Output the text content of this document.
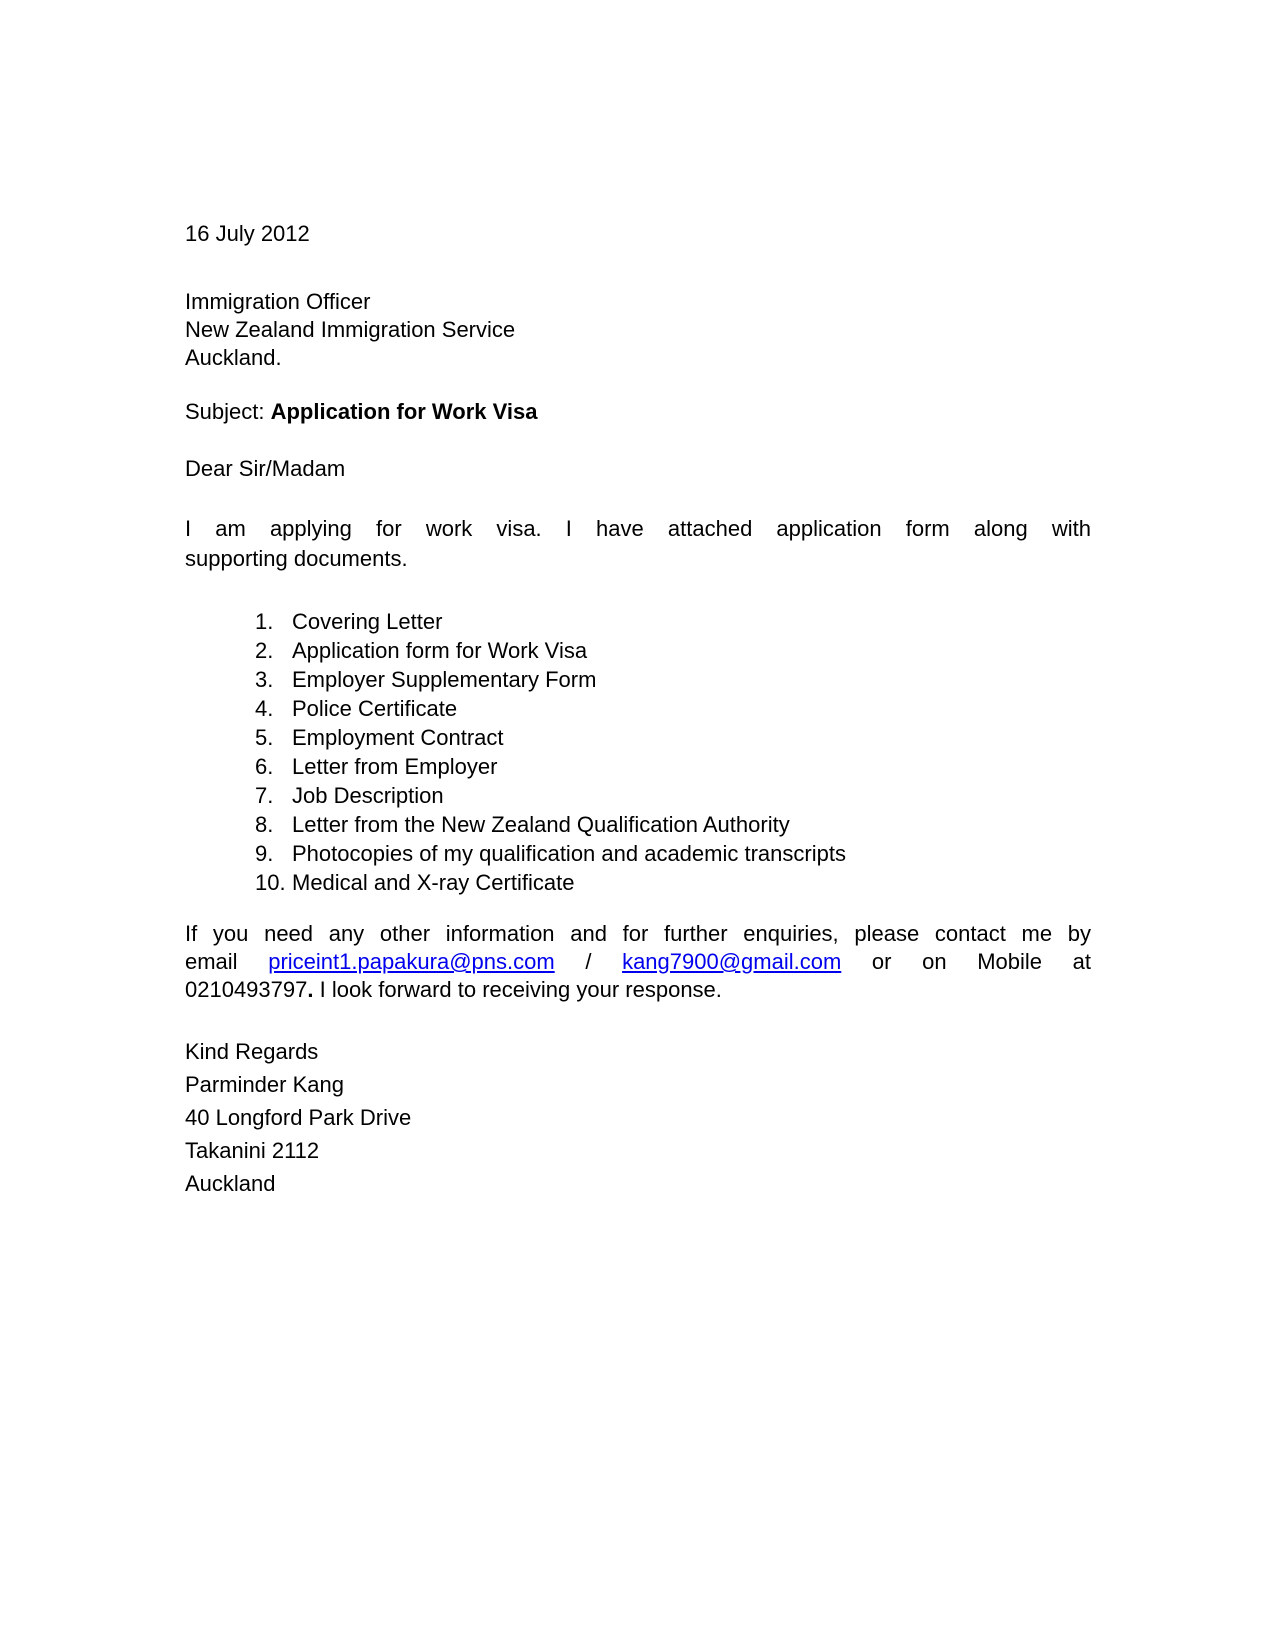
16 July 2012
Immigration Officer
New Zealand Immigration Service
Auckland.
Subject: Application for Work Visa
Dear Sir/Madam
I am applying for work visa. I have attached application form along with
supporting documents.
1. Covering Letter
2. Application form for Work Visa
3. Employer Supplementary Form
4. Police Certificate
5. Employment Contract
6. Letter from Employer
7. Job Description
8. Letter from the New Zealand Qualification Authority
9. Photocopies of my qualification and academic transcripts
10. Medical and X-ray Certificate
If you need any other information and for further enquiries, please contact me by
email priceint1.papakura@pns.com / kang7900@gmail.com or on Mobile at
0210493797. I look forward to receiving your response.
Kind Regards
Parminder Kang
40 Longford Park Drive
Takanini 2112
Auckland
